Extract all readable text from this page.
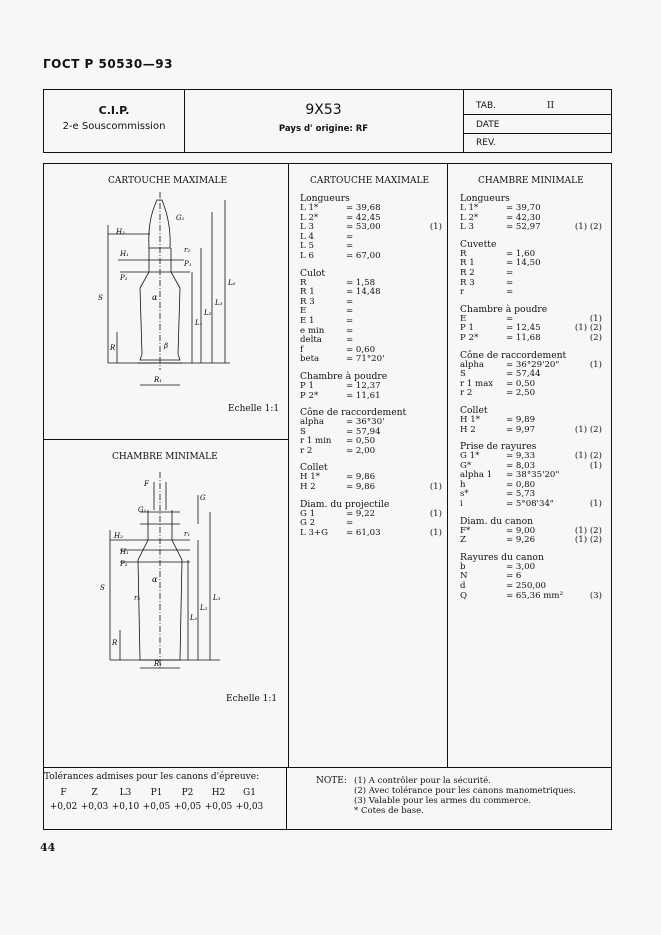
ГОСТ Р 50530—93
C.I.P.
2-e Souscommission
9X53
Pays d' origine: RF
TAB.	II
DATE
REV.
CARTOUCHE MAXIMALE
Echelle 1:1
CHAMBRE MINIMALE
Echelle 1:1
G₁
H₂
r₂
H₁
P₂
P₁
α
β
R₁
S
R
L₁
L₂
L₃
L₆
F
G₁
G
H₂
H₁
P₂
r₁
α
r₂
R₁
S
R
L₁
L₂
L₃
CARTOUCHE MAXIMALE
Longueurs
L 1*	= 39,68
L 2*	= 42,45
L 3	= 53,00	(1)
L 4	=
L 5	=
L 6	= 67,00
Culot
R	= 1,58
R 1	= 14,48
R 3	=
E	=
E 1	=
e min	=
delta	=
f	= 0,60
beta	= 71°20'
Chambre à poudre
P 1	= 12,37
P 2*	= 11,61
Cône de raccordement
alpha	= 36°30'
S	= 57,94
r 1 min	= 0,50
r 2	= 2,00
Collet
H 1*	= 9,86
H 2	= 9,86	(1)
Diam. du projectile
G 1	= 9,22	(1)
G 2	=
L 3+G	= 61,03	(1)
CHAMBRE MINIMALE
Longueurs
L 1*	= 39,70
L 2*	= 42,30
L 3	= 52,97	(1) (2)
Cuvette
R	= 1,60
R 1	= 14,50
R 2	=
R 3	=
r	=
Chambre à poudre
E	=	(1)
P 1	= 12,45	(1) (2)
P 2*	= 11,68	(2)
Cône de raccordement
alpha	= 36°29'20"	(1)
S	= 57,44
r 1 max	= 0,50
r 2	= 2,50
Collet
H 1*	= 9,89
H 2	= 9,97	(1) (2)
Prise de rayures
G 1*	= 9,33	(1) (2)
G*	= 8,03	(1)
alpha 1	= 38°35'20"
h	= 0,80
s*	= 5,73
i	= 5°08'34"	(1)
Diam. du canon
F*	= 9,00	(1) (2)
Z	= 9,26	(1) (2)
Rayures du canon
b	= 3,00
N	= 6
d	= 250,00
Q	= 65,36 mm²	(3)
Tolérances admises pour les canons d'épreuve:
F	Z	L3	P1	P2	H2	G1
+0,02 +0,03 +0,10 +0,05 +0,05 +0,05 +0,03
NOTE: (1) A contrôler pour la sécurité.
(2) Avec tolérance pour les canons manometriques.
(3) Valable pour les armes du commerce.
* Cotes de base.
44
